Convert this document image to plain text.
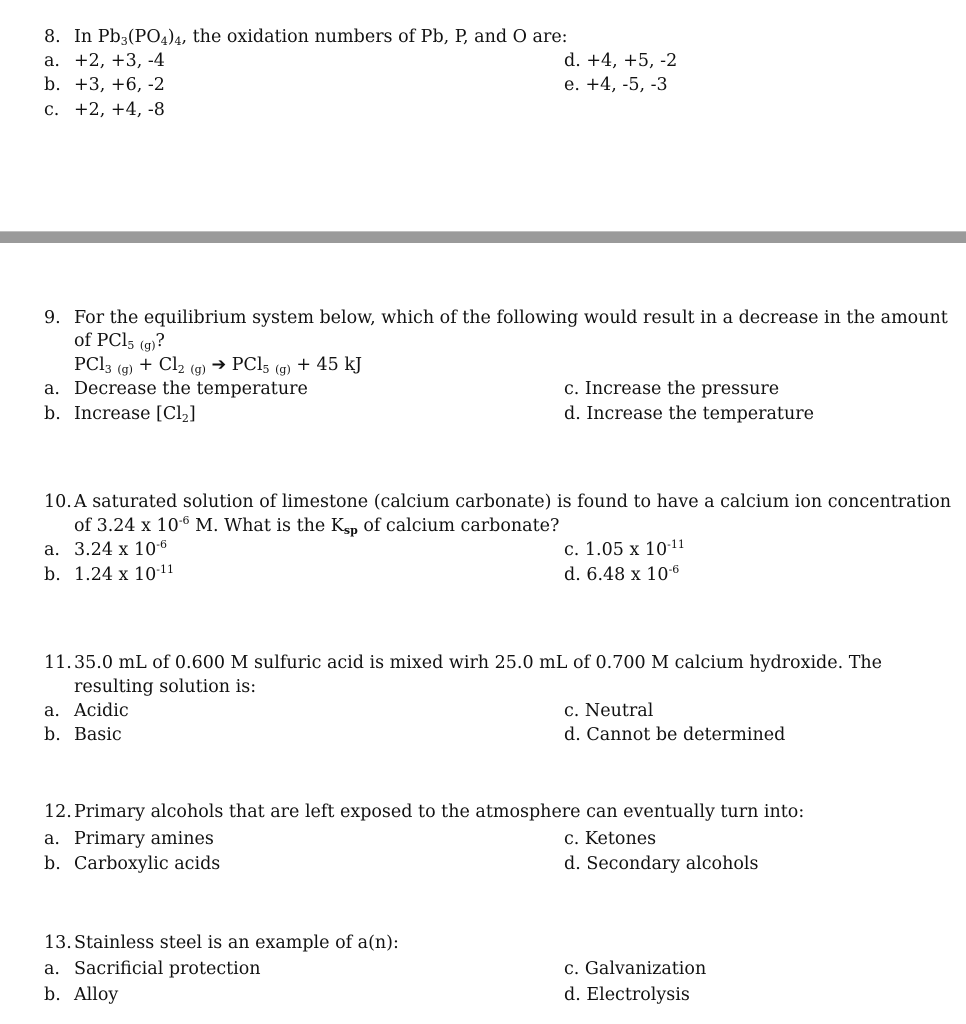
8. In $Pb_3(PO_4)_4$, the oxidation numbers of Pb, P, and O are:
a. +2, +3, -4
b. +3, +6, -2
c. +2, +4, -8
d. +4, +5, -2
e. +4, -5, -3
9. For the equilibrium system below, which of the following would result in a decrease in the amount
of PCl$_5$ $_{(g)}$?
PCl$_3$ $_{(g)} + Cl_2$ $_{(g)}$ ➔ PCl$_5$ $_{(g)}$ + 45 kJ
a. Decrease the temperature
b. Increase $[Cl_2]$
c. Increase the pressure
d. Increase the temperature
10. A saturated solution of limestone (calcium carbonate) is found to have a calcium ion concentration
of 3.24 x $10^{-6}$ M. What is the $K_{sp}$ of calcium carbonate?
a. 3.24 x $10^{-6}$
b. 1.24 x $10^{-11}$
c. 1.05 x $10^{-11}$
d. 6.48 x $10^{-6}$
11. 35.0 mL of 0.600 M sulfuric acid is mixed wirh 25.0 mL of 0.700 M calcium hydroxide. The
resulting solution is:
a. Acidic
b. Basic
c. Neutral
d. Cannot be determined
12. Primary alcohols that are left exposed to the atmosphere can eventually turn into:
a. Primary amines
b. Carboxylic acids
c. Ketones
d. Secondary alcohols
13. Stainless steel is an example of a(n):
a. Sacrificial protection
b. Alloy
c. Galvanization
d. Electrolysis
